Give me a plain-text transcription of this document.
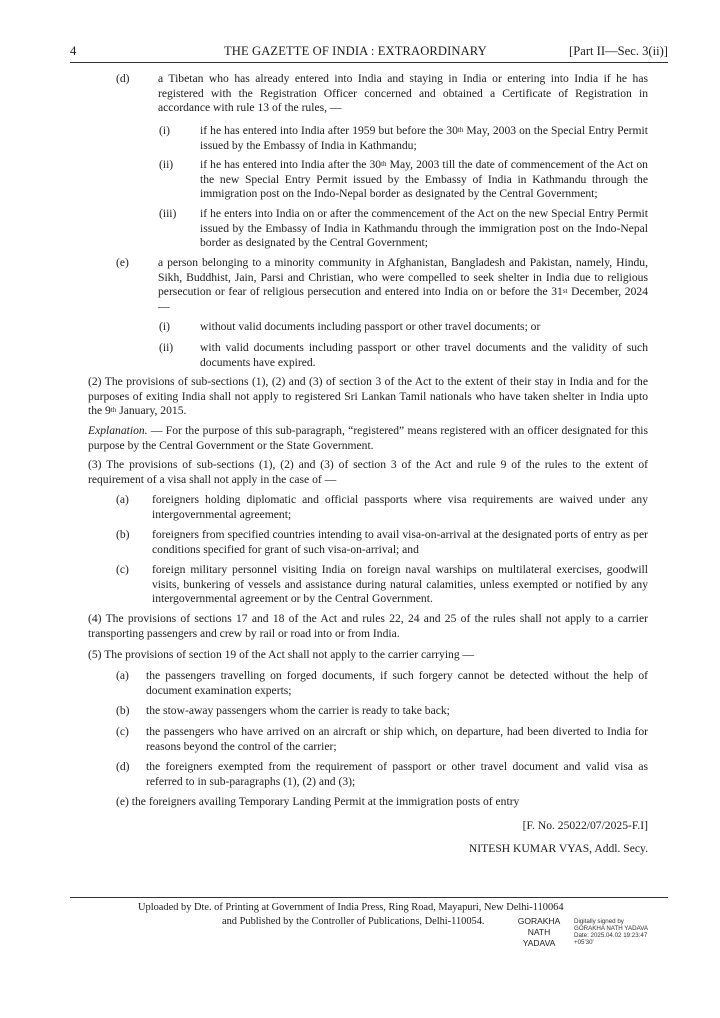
4	THE GAZETTE OF INDIA : EXTRAORDINARY	[Part II—Sec. 3(ii)]
(d) a Tibetan who has already entered into India and staying in India or entering into India if he has registered with the Registration Officer concerned and obtained a Certificate of Registration in accordance with rule 13 of the rules, —

(i)	if he has entered into India after 1959 but before the 30th May, 2003 on the Special Entry Permit issued by the Embassy of India in Kathmandu;

(ii) if he has entered into India after the 30th May, 2003 till the date of commencement of the Act on the new Special Entry Permit issued by the Embassy of India in Kathmandu through the immigration post on the Indo-Nepal border as designated by the Central Government;

(iii) if he enters into India on or after the commencement of the Act on the new Special Entry Permit issued by the Embassy of India in Kathmandu through the immigration post on the Indo-Nepal border as designated by the Central Government;

(e)	a person belonging to a minority community in Afghanistan, Bangladesh and Pakistan, namely, Hindu, Sikh, Buddhist, Jain, Parsi and Christian, who were compelled to seek shelter in India due to religious persecution or fear of religious persecution and entered into India on or before the 31st December, 2024 —

(i)	without valid documents including passport or other travel documents; or

(ii) with valid documents including passport or other travel documents and the validity of such documents have expired.

(2) The provisions of sub-sections (1), (2) and (3) of section 3 of the Act to the extent of their stay in India and for the purposes of exiting India shall not apply to registered Sri Lankan Tamil nationals who have taken shelter in India upto the 9th January, 2015.

Explanation. — For the purpose of this sub-paragraph, “registered” means registered with an officer designated for this purpose by the Central Government or the State Government.

(3) The provisions of sub-sections (1), (2) and (3) of section 3 of the Act and rule 9 of the rules to the extent of requirement of a visa shall not apply in the case of —

(a) foreigners holding diplomatic and official passports where visa requirements are waived under any intergovernmental agreement;

(b) foreigners from specified countries intending to avail visa-on-arrival at the designated ports of entry as per conditions specified for grant of such visa-on-arrival; and

(c) foreign military personnel visiting India on foreign naval warships on multilateral exercises, goodwill visits, bunkering of vessels and assistance during natural calamities, unless exempted or notified by any intergovernmental agreement or by the Central Government.

(4) The provisions of sections 17 and 18 of the Act and rules 22, 24 and 25 of the rules shall not apply to a carrier transporting passengers and crew by rail or road into or from India.

(5) The provisions of section 19 of the Act shall not apply to the carrier carrying —

(a) the passengers travelling on forged documents, if such forgery cannot be detected without the help of document examination experts;

(b) the stow-away passengers whom the carrier is ready to take back;

(c) the passengers who have arrived on an aircraft or ship which, on departure, had been diverted to India for reasons beyond the control of the carrier;

(d) the foreigners exempted from the requirement of passport or other travel document and valid visa as referred to in sub-paragraphs (1), (2) and (3);

(e) the foreigners availing Temporary Landing Permit at the immigration posts of entry

[F. No. 25022/07/2025-F.I]
NITESH KUMAR VYAS, Addl. Secy.
Uploaded by Dte. of Printing at Government of India Press, Ring Road, Mayapuri, New Delhi-110064
and Published by the Controller of Publications, Delhi-110054.	GORAKHA NATH
YADAVA
Digitally signed by GORAKHA NATH YADAVA Date: 2025.04.02 19:23:47 +05'30'
